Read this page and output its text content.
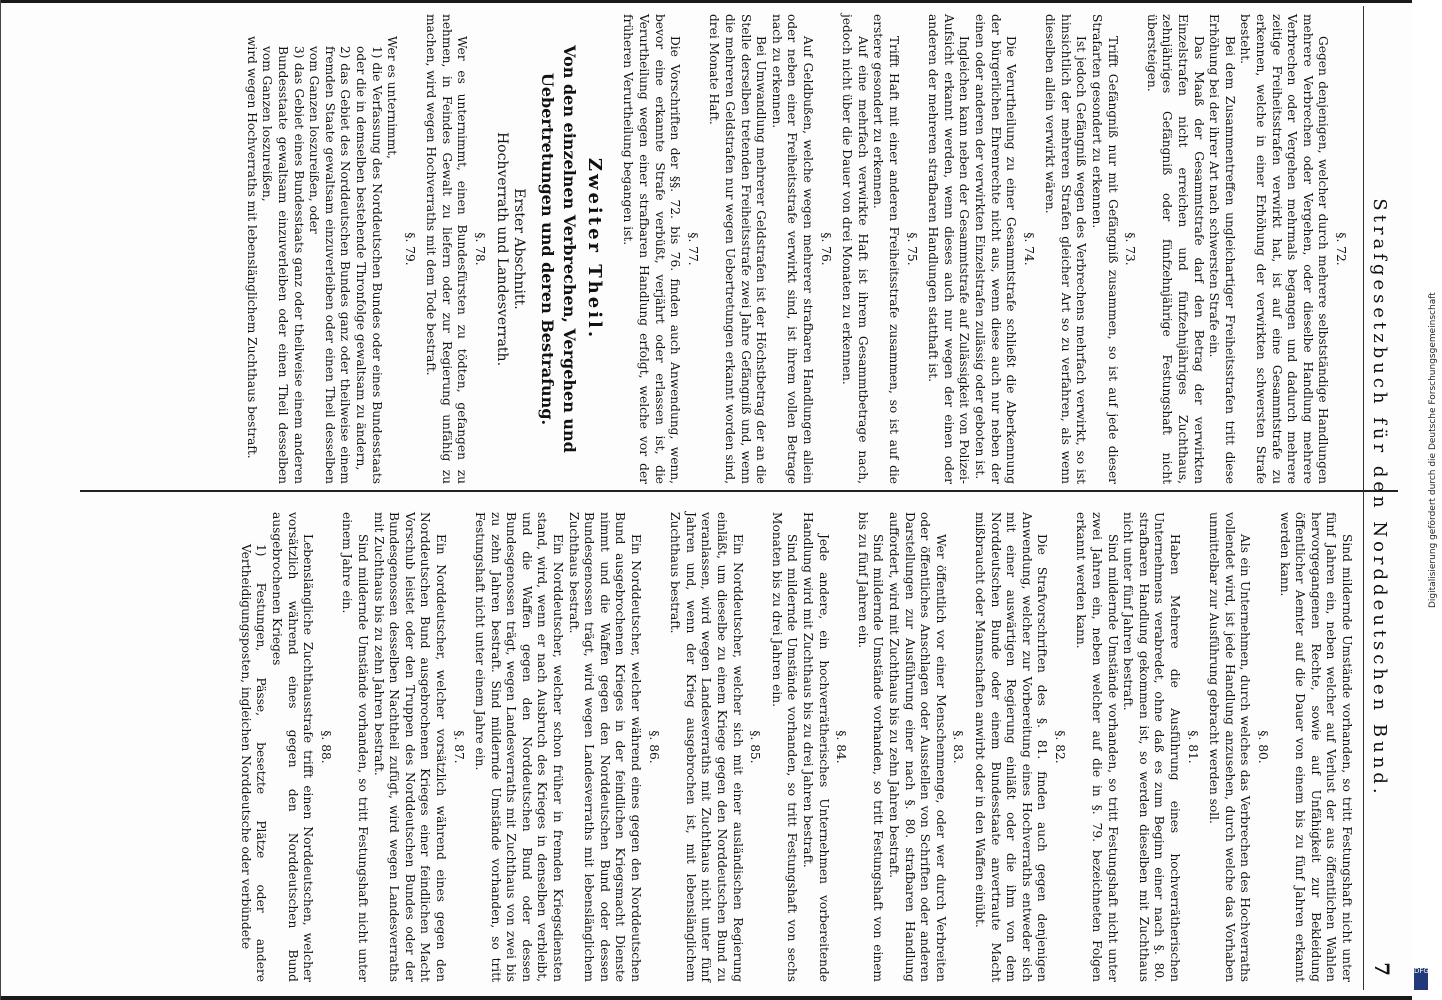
Strafgesetzbuch für den Norddeutschen Bund.
7

§. 72.

Gegen denjenigen, welcher durch mehrere selbstständige Handlungen mehrere Verbrechen oder Vergehen, oder dieselbe Handlung mehrere Verbrechen oder Vergehen mehrmals begangen und dadurch mehrere zeitige Freiheitsstrafen verwirkt hat, ist auf eine Gesammtstrafe zu erkennen, welche in einer Erhöhung der verwirkten schwersten Strafe besteht.

Bei dem Zusammentreffen ungleichartiger Freiheitsstrafen tritt diese Erhöhung bei der ihrer Art nach schwersten Strafe ein.

Das Maaß der Gesammtstrafe darf den Betrag der verwirkten Einzelstrafen nicht erreichen und fünfzehnjähriges Zuchthaus, zehnjähriges Gefängniß oder fünfzehnjährige Festungshaft nicht übersteigen.

§. 73.

Trifft Gefängniß nur mit Gefängniß zusammen, so ist auf jede dieser Strafarten gesondert zu erkennen.

Ist jedoch Gefängniß wegen des Verbrechens mehrfach verwirkt, so ist hinsichtlich der mehreren Strafen gleicher Art so zu verfahren, als wenn dieselben allein verwirkt wären.

§. 74.

Die Verurtheilung zu einer Gesammtstrafe schließt die Aberkennung der bürgerlichen Ehrenrechte nicht aus, wenn diese auch nur neben der einen oder anderen der verwirkten Einzelstrafen zulässig oder geboten ist.

Ingleichen kann neben der Gesammtstrafe auf Zulässigkeit von Polizei-Aufsicht erkannt werden, wenn dieses auch nur wegen der einen oder anderen der mehreren strafbaren Handlungen statthaft ist.

§. 75.

Trifft Haft mit einer anderen Freiheitsstrafe zusammen, so ist auf die erstere gesondert zu erkennen.

Auf eine mehrfach verwirkte Haft ist ihrem Gesammtbetrage nach, jedoch nicht über die Dauer von drei Monaten zu erkennen.

§. 76.

Auf Geldbußen, welche wegen mehrerer strafbaren Handlungen allein oder neben einer Freiheitsstrafe verwirkt sind, ist ihrem vollen Betrage nach zu erkennen.

Bei Umwandlung mehrerer Geldstrafen ist der Höchstbetrag der an die Stelle derselben tretenden Freiheitsstrafe zwei Jahre Gefängniß und, wenn die mehreren Geldstrafen nur wegen Uebertretungen erkannt worden sind, drei Monate Haft.

§. 77.

Die Vorschriften der §§. 72. bis 76. finden auch Anwendung, wenn, bevor eine erkannte Strafe verbüßt, verjährt oder erlassen ist, die Verurtheilung wegen einer strafbaren Handlung erfolgt, welche vor der früheren Verurtheilung begangen ist.

Zweiter Theil.

Von den einzelnen Verbrechen, Vergehen und Uebertretungen und deren Bestrafung.

Erster Abschnitt.

Hochverrath und Landesverrath.

§. 78.

Wer es unternimmt, einen Bundesfürsten zu tödten, gefangen zu nehmen, in Feindes Gewalt zu liefern oder zur Regierung unfähig zu machen, wird wegen Hochverraths mit dem Tode bestraft.

§. 79.

Wer es unternimmt,

1) die Verfassung des Norddeutschen Bundes oder eines Bundesstaats oder die in demselben bestehende Thronfolge gewaltsam zu ändern,

2) das Gebiet des Norddeutschen Bundes ganz oder theilweise einem fremden Staate gewaltsam einzuverleiben oder einen Theil desselben vom Ganzen loszureißen, oder

3) das Gebiet eines Bundesstaats ganz oder theilweise einem anderen Bundesstaate gewaltsam einzuverleiben oder einen Theil desselben vom Ganzen loszureißen,

wird wegen Hochverraths mit lebenslänglichem Zuchthaus bestraft.

Sind mildernde Umstände vorhanden, so tritt Festungshaft nicht unter fünf Jahren ein, neben welcher auf Verlust der aus öffentlichen Wahlen hervorgegangenen Rechte, sowie auf Unfähigkeit zur Bekleidung öffentlicher Aemter auf die Dauer von einem bis zu fünf Jahren erkannt werden kann.

§. 80.

Als ein Unternehmen, durch welches das Verbrechen des Hochverraths vollendet wird, ist jede Handlung anzusehen, durch welche das Vorhaben unmittelbar zur Ausführung gebracht werden soll.

§. 81.

Haben Mehrere die Ausführung eines hochverrätherischen Unternehmens verabredet, ohne daß es zum Beginn einer nach §. 80. strafbaren Handlung gekommen ist, so werden dieselben mit Zuchthaus nicht unter fünf Jahren bestraft.

Sind mildernde Umstände vorhanden, so tritt Festungshaft nicht unter zwei Jahren ein, neben welcher auf die in §. 79. bezeichneten Folgen erkannt werden kann.

§. 82.

Die Strafvorschriften des §. 81. finden auch gegen denjenigen Anwendung, welcher zur Vorbereitung eines Hochverraths entweder sich mit einer auswärtigen Regierung einläßt oder die ihm von dem Norddeutschen Bunde oder einem Bundesstaate anvertraute Macht mißbraucht oder Mannschaften anwirbt oder in den Waffen einübt.

§. 83.

Wer öffentlich vor einer Menschenmenge, oder wer durch Verbreiten oder öffentliches Anschlagen oder Ausstellen von Schriften oder anderen Darstellungen zur Ausführung einer nach §. 80. strafbaren Handlung auffordert, wird mit Zuchthaus bis zu zehn Jahren bestraft.

Sind mildernde Umstände vorhanden, so tritt Festungshaft von einem bis zu fünf Jahren ein.

§. 84.

Jede andere, ein hochverrätherisches Unternehmen vorbereitende Handlung wird mit Zuchthaus bis zu drei Jahren bestraft.

Sind mildernde Umstände vorhanden, so tritt Festungshaft von sechs Monaten bis zu drei Jahren ein.

§. 85.

Ein Norddeutscher, welcher sich mit einer ausländischen Regierung einläßt, um dieselbe zu einem Kriege gegen den Norddeutschen Bund zu veranlassen, wird wegen Landesverraths mit Zuchthaus nicht unter fünf Jahren und, wenn der Krieg ausgebrochen ist, mit lebenslänglichem Zuchthaus bestraft.

§. 86.

Ein Norddeutscher, welcher während eines gegen den Norddeutschen Bund ausgebrochenen Krieges in der feindlichen Kriegsmacht Dienste nimmt und die Waffen gegen den Norddeutschen Bund oder dessen Bundesgenossen trägt, wird wegen Landesverraths mit lebenslänglichem Zuchthaus bestraft.

Ein Norddeutscher, welcher schon früher in fremden Kriegsdiensten stand, wird, wenn er nach Ausbruch des Krieges in denselben verbleibt, und die Waffen gegen den Norddeutschen Bund oder dessen Bundesgenossen trägt, wegen Landesverraths mit Zuchthaus von zwei bis zu zehn Jahren bestraft. Sind mildernde Umstände vorhanden, so tritt Festungshaft nicht unter einem Jahre ein.

§. 87.

Ein Norddeutscher, welcher vorsätzlich während eines gegen den Norddeutschen Bund ausgebrochenen Krieges einer feindlichen Macht Vorschub leistet oder den Truppen des Norddeutschen Bundes oder der Bundesgenossen desselben Nachtheil zufügt, wird wegen Landesverraths mit Zuchthaus bis zu zehn Jahren bestraft.

Sind mildernde Umstände vorhanden, so tritt Festungshaft nicht unter einem Jahre ein.

§. 88.

Lebenslängliche Zuchthausstrafe trifft einen Norddeutschen, welcher vorsätzlich während eines gegen den Norddeutschen Bund ausgebrochenen Krieges

1) Festungen, Pässe, besetzte Plätze oder andere Vertheidigungsposten, ingleichen Norddeutsche oder verbündete

Digitalisierung gefördert durch die Deutsche Forschungsgemeinschaft
DFG
